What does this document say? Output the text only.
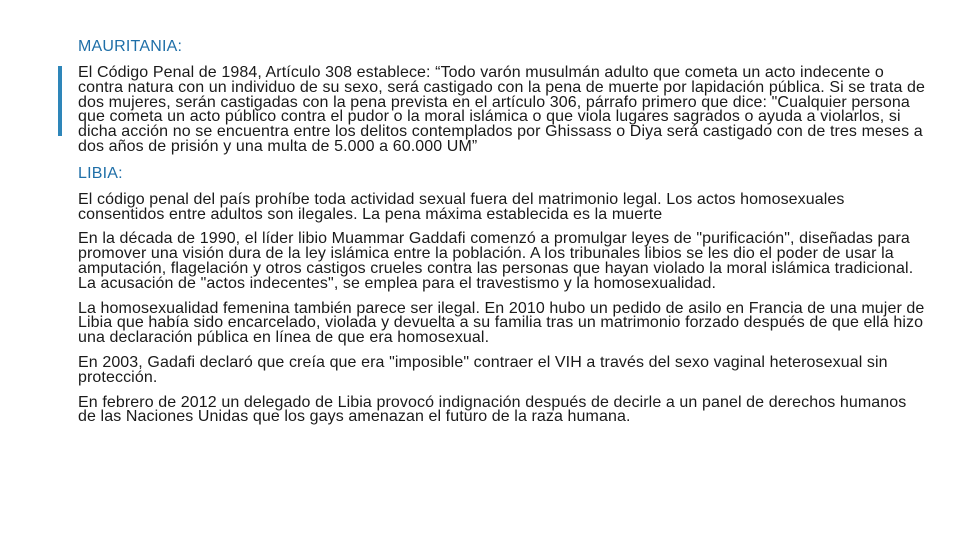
MAURITANIA:

El Código Penal de 1984, Artículo 308 establece: “Todo varón musulmán adulto que cometa un acto indecente o contra natura con un individuo de su sexo, será castigado con la pena de muerte por lapidación pública. Si se trata de dos mujeres, serán castigadas con la pena prevista en el artículo 306, párrafo primero que dice: "Cualquier persona que cometa un acto público contra el pudor o la moral islámica o que viola lugares sagrados o ayuda a violarlos, si dicha acción no se encuentra entre los delitos contemplados por Ghissass o Diya será castigado con de tres meses a dos años de prisión y una multa de 5.000 a 60.000 UM”

LIBIA:

El código penal del país prohíbe toda actividad sexual fuera del matrimonio legal. Los actos homosexuales consentidos entre adultos son ilegales. La pena máxima establecida es la muerte

En la década de 1990, el líder libio Muammar Gaddafi comenzó a promulgar leyes de "purificación", diseñadas para promover una visión dura de la ley islámica entre la población. A los tribunales libios se les dio el poder de usar la amputación, flagelación y otros castigos crueles contra las personas que hayan violado la moral islámica tradicional. La acusación de "actos indecentes", se emplea para el travestismo y la homosexualidad.

La homosexualidad femenina también parece ser ilegal. En 2010 hubo un pedido de asilo en Francia de una mujer de Libia que había sido encarcelado, violada y devuelta a su familia tras un matrimonio forzado después de que ella hizo una declaración pública en línea de que era homosexual.

En 2003, Gadafi declaró que creía que era "imposible" contraer el VIH a través del sexo vaginal heterosexual sin protección.

En febrero de 2012 un delegado de Libia provocó indignación después de decirle a un panel de derechos humanos de las Naciones Unidas que los gays amenazan el futuro de la raza humana.
